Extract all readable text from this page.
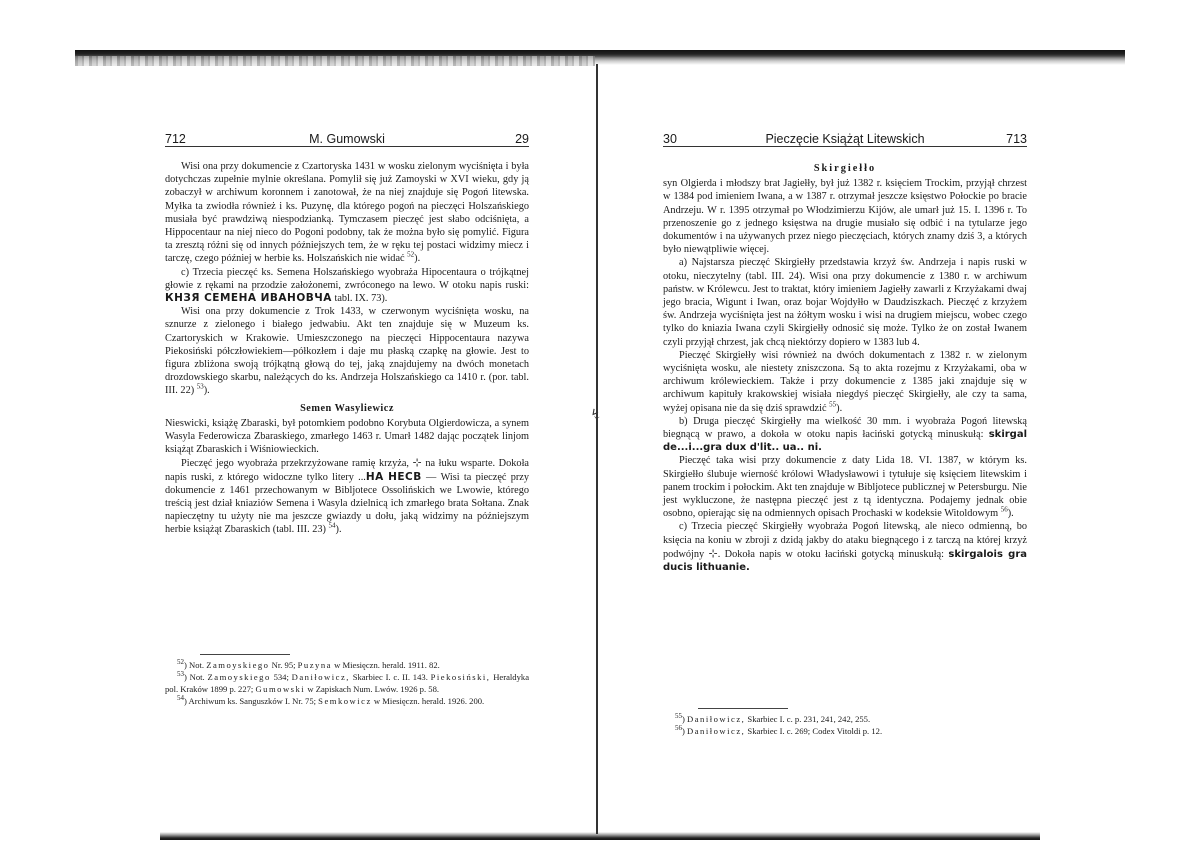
↯
712	M. Gumowski	29

Wisi ona przy dokumencie z Czartoryska 1431 w wosku zielonym wyciśnięta i była dotychczas zupełnie mylnie określana. Pomylił się już Zamoyski w XVI wieku, gdy ją zobaczył w archiwum koronnem i zanotował, że na niej znajduje się Pogoń litewska. Myłka ta zwiodła również i ks. Puzynę, dla którego pogoń na pieczęci Holszańskiego musiała być prawdziwą niespodzianką. Tymczasem pieczęć jest słabo odciśnięta, a Hippocentaur na niej nieco do Pogoni podobny, tak że można było się pomylić. Figura ta zresztą różni się od innych późniejszych tem, że w ręku tej postaci widzimy miecz i tarczę, czego później w herbie ks. Holszańskich nie widać $^{52}$).

c) Trzecia pieczęć ks. Semena Holszańskiego wyobraża Hipocentaura o trójkątnej głowie z rękami na przodzie założonemi, zwróconego na lewo. W otoku napis ruski: КНЗЯ СЕМЕНА ИВАНОВЧА tabl. IX. 73).

Wisi ona przy dokumencie z Trok 1433, w czerwonym wyciśnięta wosku, na sznurze z zielonego i białego jedwabiu. Akt ten znajduje się w Muzeum ks. Czartoryskich w Krakowie. Umieszczonego na pieczęci Hippocentaura nazywa Piekosiński półczłowiekiem—półkozłem i daje mu płaską czapkę na głowie. Jest to figura zbliżona swoją trójkątną głową do tej, jaką znajdujemy na dwóch monetach drozdowskiego skarbu, należących do ks. Andrzeja Holszańskiego ca 1410 r. (por. tabl. III. 22) $^{53}$).

Semen Wasyliewicz

Nieswicki, książę Zbaraski, był potomkiem podobno Korybuta Olgierdowicza, a synem Wasyla Federowicza Zbaraskiego, zmarłego 1463 r. Umarł 1482 dając początek linjom książąt Zbaraskich i Wiśniowieckich.

Pieczęć jego wyobraża przekrzyżowane ramię krzyża, ⊹ na łuku wsparte. Dokoła napis ruski, z którego widoczne tylko litery ...НА НЕСВ — Wisi ta pieczęć przy dokumencie z 1461 przechowanym w Bibljotece Ossolińskich we Lwowie, którego treścią jest dział kniaziów Semena i Wasyla dzielnicą ich zmarłego brata Sołtana. Znak napieczętny tu użyty nie ma jeszcze gwiazdy u dołu, jaką widzimy na późniejszym herbie książąt Zbaraskich (tabl. III. 23) $^{54}$).

$^{52}$) Not. Zamoyskiego Nr. 95; Puzyna w Miesięczn. herald. 1911. 82.

$^{53}$) Not. Zamoyskiego 534; Daniłowicz, Skarbiec I. c. II. 143. Piekosiński, Heraldyka pol. Kraków 1899 p. 227; Gumowski w Zapiskach Num. Lwów. 1926 p. 58.

$^{54}$) Archiwum ks. Sanguszków I. Nr. 75; Semkowicz w Miesięczn. herald. 1926. 200.

30	Pieczęcie Książąt Litewskich	713

Skirgiełło

syn Olgierda i młodszy brat Jagiełły, był już 1382 r. księciem Trockim, przyjął chrzest w 1384 pod imieniem Iwana, a w 1387 r. otrzymał jeszcze księstwo Połockie po bracie Andrzeju. W r. 1395 otrzymał po Włodzimierzu Kijów, ale umarł już 15. I. 1396 r. To przenoszenie go z jednego księstwa na drugie musiało się odbić i na tytularze jego dokumentów i na używanych przez niego pieczęciach, których znamy dziś 3, a których było niewątpliwie więcej.

a) Najstarsza pieczęć Skirgiełły przedstawia krzyż św. Andrzeja i napis ruski w otoku, nieczytelny (tabl. III. 24). Wisi ona przy dokumencie z 1380 r. w archiwum państw. w Królewcu. Jest to traktat, który imieniem Jagiełły zawarli z Krzyżakami dwaj jego bracia, Wigunt i Iwan, oraz bojar Wojdyłło w Daudziszkach. Pieczęć z krzyżem św. Andrzeja wyciśnięta jest na żółtym wosku i wisi na drugiem miejscu, wobec czego tylko do kniazia Iwana czyli Skirgiełły odnosić się może. Tylko że on został Iwanem czyli przyjął chrzest, jak chcą niektórzy dopiero w 1383 lub 4.

Pieczęć Skirgiełły wisi również na dwóch dokumentach z 1382 r. w zielonym wyciśnięta wosku, ale niestety zniszczona. Są to akta rozejmu z Krzyżakami, oba w archiwum królewieckiem. Także i przy dokumencie z 1385 jaki znajduje się w archiwum kapituły krakowskiej wisiała niegdyś pieczęć Skirgiełły, ale czy ta sama, wyżej opisana nie da się dziś sprawdzić $^{55}$).

b) Druga pieczęć Skirgiełły ma wielkość 30 mm. i wyobraża Pogoń litewską biegnącą w prawo, a dokoła w otoku napis łaciński gotycką minuskułą: skirgal de...i...gra dux d'lit.. ua.. ni.

Pieczęć taka wisi przy dokumencie z daty Lida 18. VI. 1387, w którym ks. Skirgiełło ślubuje wierność królowi Władysławowi i tytułuje się księciem litewskim i panem trockim i połockim. Akt ten znajduje w Bibljotece publicznej w Petersburgu. Nie jest wykluczone, że następna pieczęć jest z tą identyczna. Podajemy jednak obie osobno, opierając się na odmiennych opisach Prochaski w kodeksie Witoldowym $^{56}$).

c) Trzecia pieczęć Skirgiełły wyobraża Pogoń litewską, ale nieco odmienną, bo księcia na koniu w zbroji z dzidą jakby do ataku biegnącego i z tarczą na której krzyż podwójny ⊹. Dokoła napis w otoku łaciński gotycką minuskułą: skirgalois gra ducis lithuanie.

$^{55}$) Daniłowicz, Skarbiec I. c. p. 231, 241, 242, 255.

$^{56}$) Daniłowicz, Skarbiec I. c. 269; Codex Vitoldi p. 12.
